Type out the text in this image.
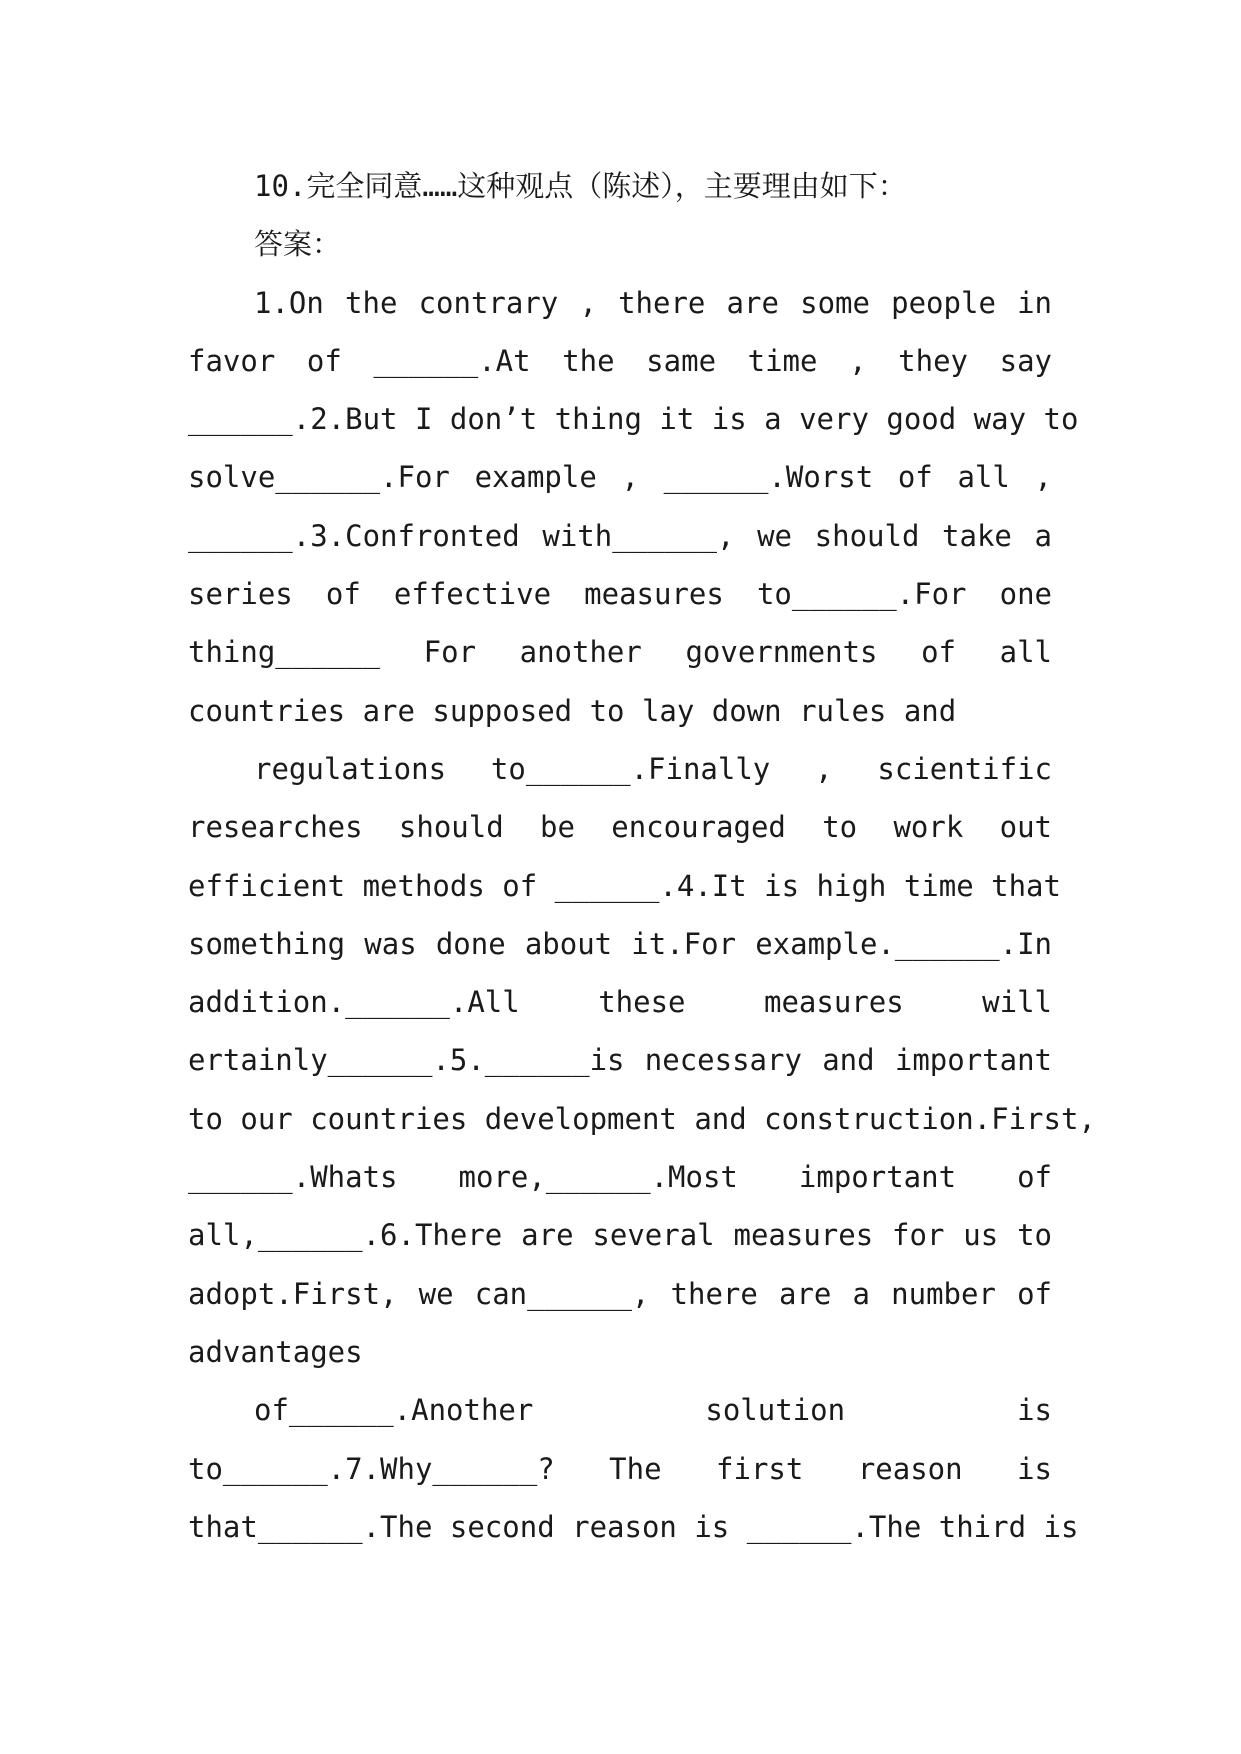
10.完全同意……这种观点（陈述），主要理由如下：
答案：
1.On the contrary , there are some people in
favor of ______.At the same time , they say
______.2.But I don’t thing it is a very good way to
solve______.For example , ______.Worst of all ,
______.3.Confronted with______, we should take a
series of effective measures to______.For one
thing______ For another governments of all
countries are supposed to lay down rules and
regulations to______.Finally , scientific
researches should be encouraged to work out
efficient methods of ______.4.It is high time that
something was done about it.For example.______.In
addition.______.All these measures will
ertainly______.5.______is necessary and important
to our countries development and construction.First,
______.Whats more,______.Most important of
all,______.6.There are several measures for us to
adopt.First, we can______, there are a number of
advantages
of______.Another solution is
to______.7.Why______? The first reason is
that______.The second reason is ______.The third is
